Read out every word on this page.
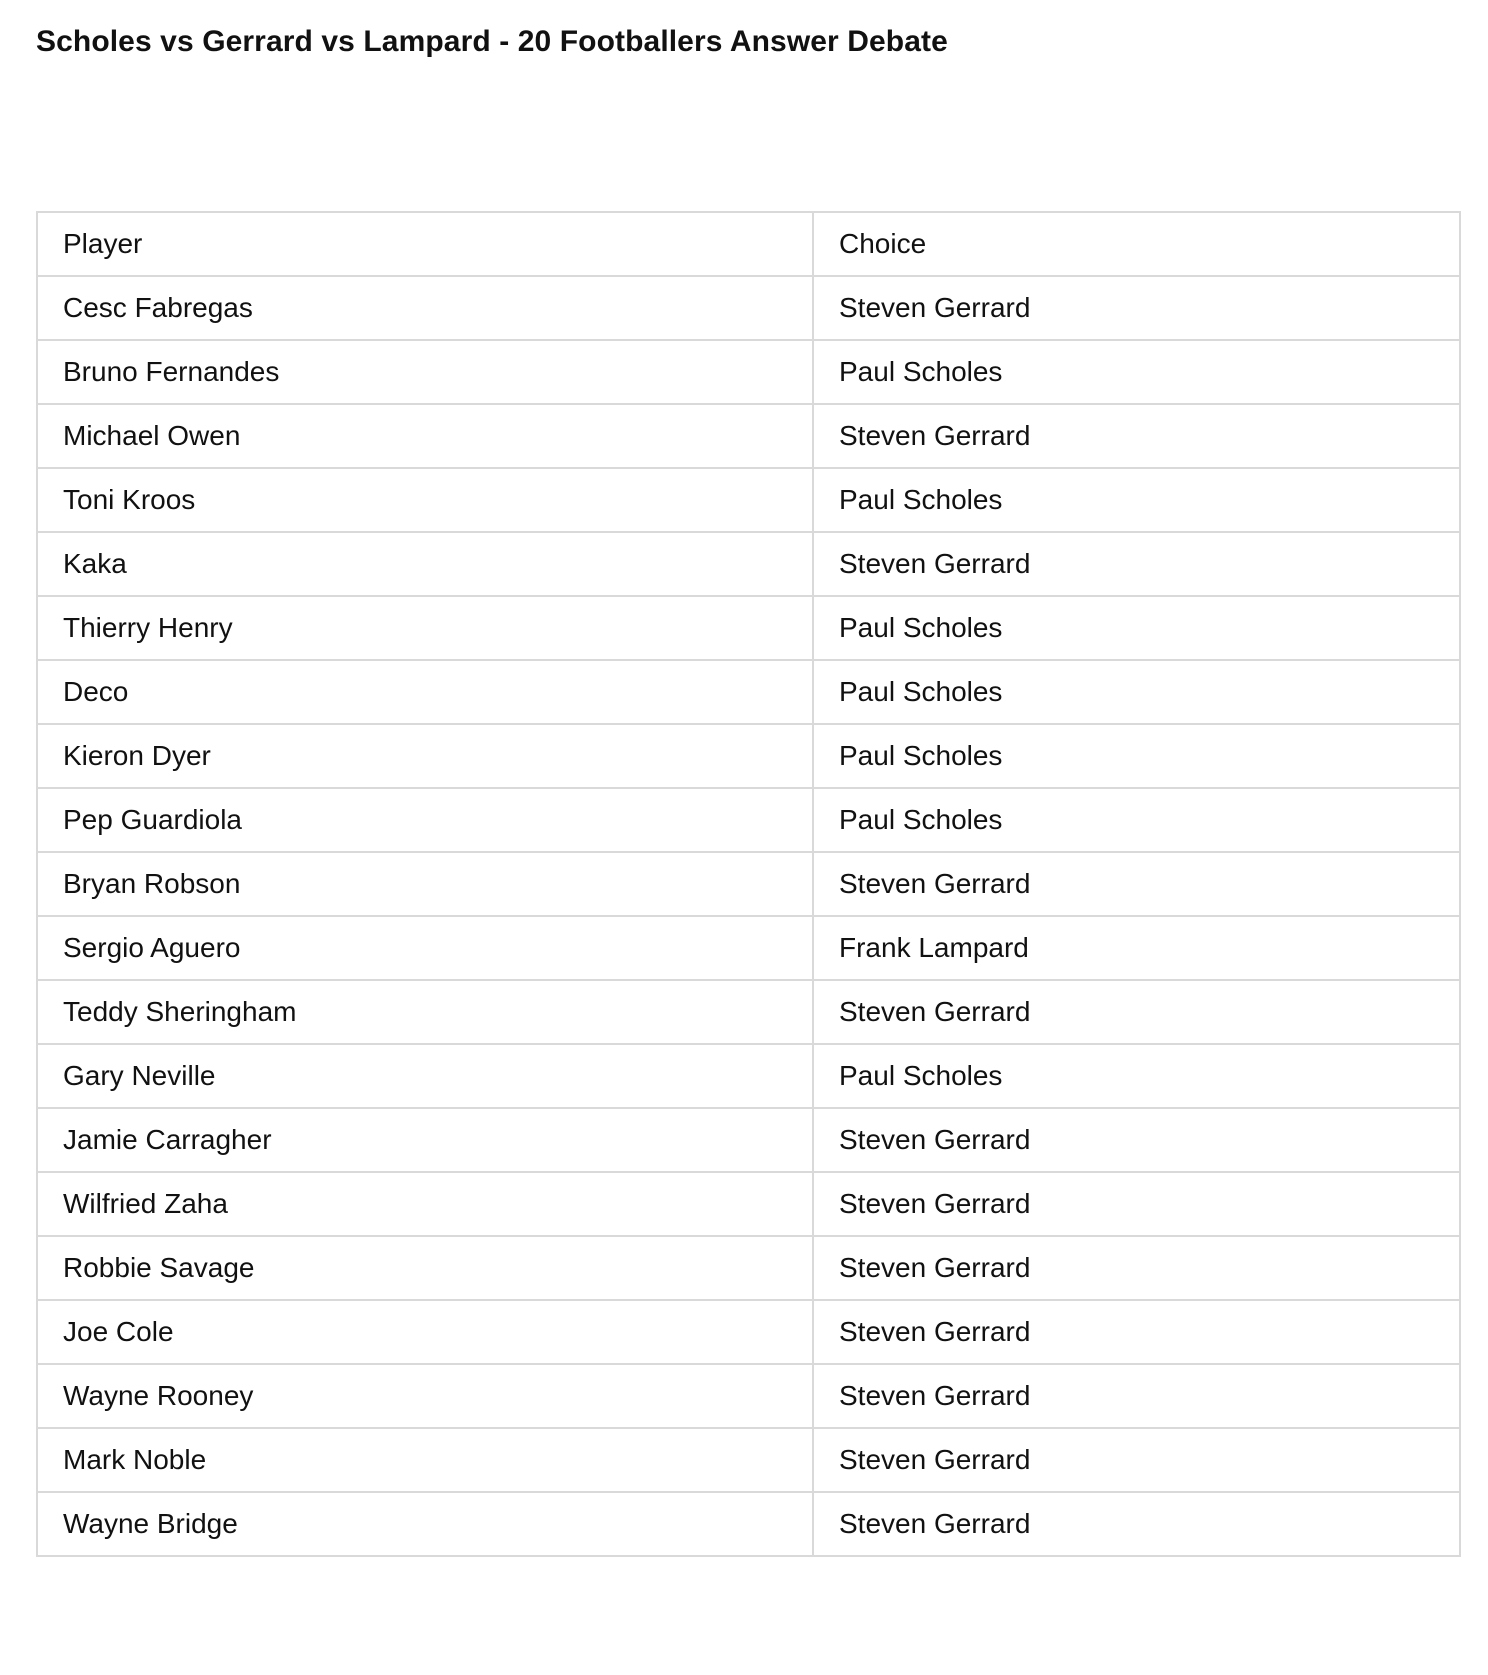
Scholes vs Gerrard vs Lampard - 20 Footballers Answer Debate
Player	Choice
Cesc Fabregas	Steven Gerrard
Bruno Fernandes	Paul Scholes
Michael Owen	Steven Gerrard
Toni Kroos	Paul Scholes
Kaka	Steven Gerrard
Thierry Henry	Paul Scholes
Deco	Paul Scholes
Kieron Dyer	Paul Scholes
Pep Guardiola	Paul Scholes
Bryan Robson	Steven Gerrard
Sergio Aguero	Frank Lampard
Teddy Sheringham	Steven Gerrard
Gary Neville	Paul Scholes
Jamie Carragher	Steven Gerrard
Wilfried Zaha	Steven Gerrard
Robbie Savage	Steven Gerrard
Joe Cole	Steven Gerrard
Wayne Rooney	Steven Gerrard
Mark Noble	Steven Gerrard
Wayne Bridge	Steven Gerrard
